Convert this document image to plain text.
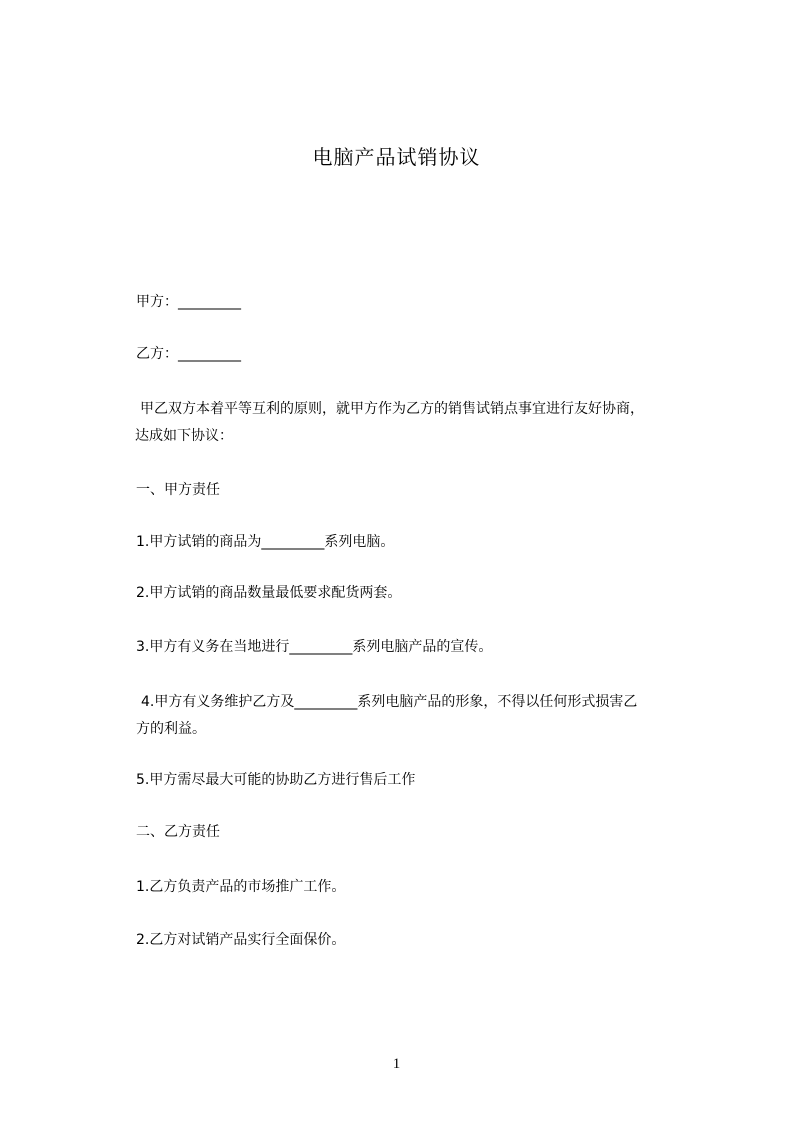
电脑产品试销协议
甲方：_________
乙方：_________
甲乙双方本着平等互利的原则，就甲方作为乙方的销售试销点事宜进行友好协商，
达成如下协议：
一、甲方责任
1.甲方试销的商品为_________系列电脑。
2.甲方试销的商品数量最低要求配货两套。
3.甲方有义务在当地进行_________系列电脑产品的宣传。
4.甲方有义务维护乙方及_________系列电脑产品的形象，不得以任何形式损害乙
方的利益。
5.甲方需尽最大可能的协助乙方进行售后工作
二、乙方责任
1.乙方负责产品的市场推广工作。
2.乙方对试销产品实行全面保价。
1
